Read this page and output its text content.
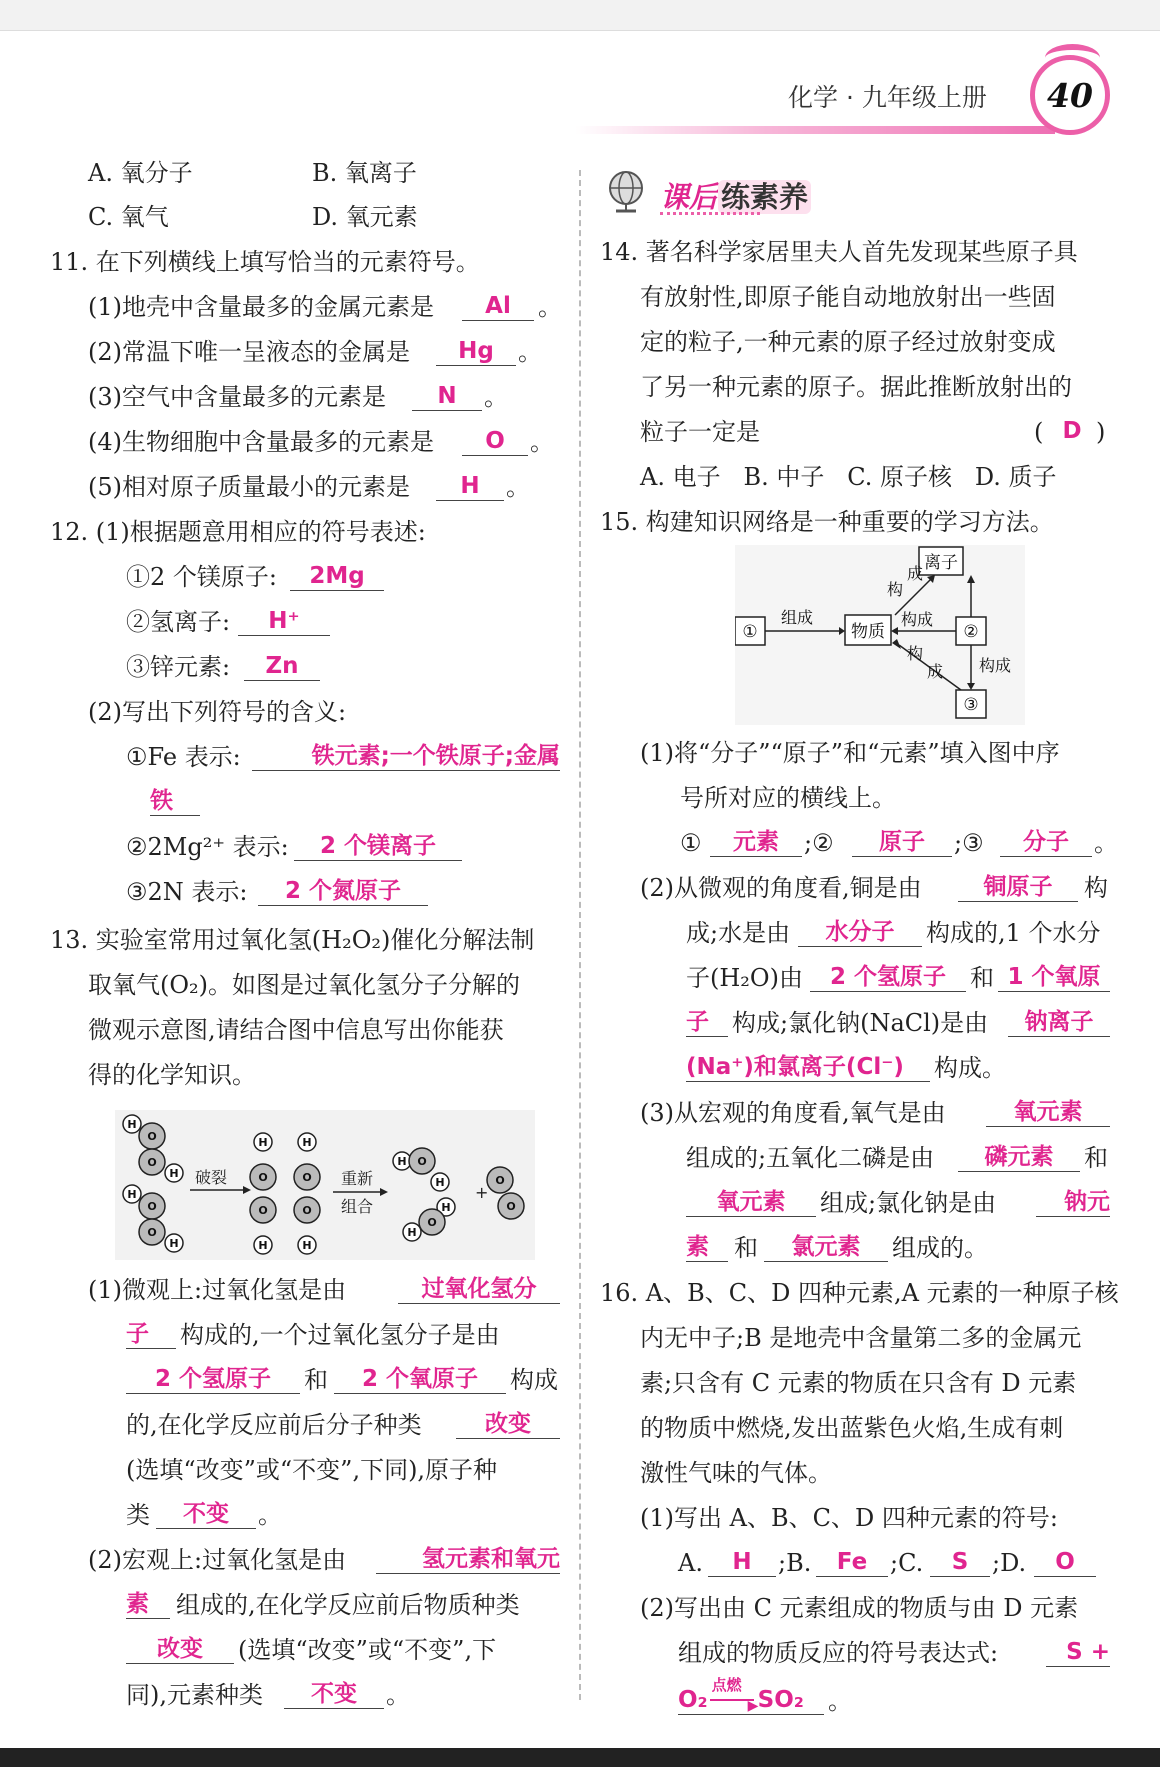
化学 · 九年级上册 40
A. 氧分子	B. 氧离子
C. 氧气	D. 氧元素
11. 在下列横线上填写恰当的元素符号。
(1)地壳中含量最多的金属元素是	Al	。
(2)常温下唯一呈液态的金属是	Hg	。
(3)空气中含量最多的元素是	N	。
(4)生物细胞中含量最多的元素是	O	。
(5)相对原子质量最小的元素是	H	。
12. (1)根据题意用相应的符号表述:
①2 个镁原子:	2Mg
②氢离子:	H⁺
③锌元素:	Zn
(2)写出下列符号的含义:
①Fe 表示:	铁元素;一个铁原子;金属
铁
②2Mg²⁺ 表示:	2 个镁离子
③2N 表示:	2 个氮原子
13. 实验室常用过氧化氢(H₂O₂)催化分解法制
取氧气(O₂)。如图是过氧化氢分子分解的
微观示意图,请结合图中信息写出你能获
得的化学知识。
H
O
O
H
H
O
O
H
H	H
O	O
O	O
H	H
H O
H
H
O
H
O
O
+
破裂	重新
组合
(1)微观上:过氧化氢是由	过氧化氢分
子	构成的,一个过氧化氢分子是由
2 个氢原子	和	2 个氧原子	构成
的,在化学反应前后分子种类	改变
(选填“改变”或“不变”,下同),原子种
类	不变	。
(2)宏观上:过氧化氢是由	氢元素和氧元
素	组成的,在化学反应前后物质种类
改变	(选填“改变”或“不变”,下
同),元素种类	不变	。
课后 练素养
14. 著名科学家居里夫人首先发现某些原子具
有放射性,即原子能自动地放射出一些固
定的粒子,一种元素的原子经过放射变成
了另一种元素的原子。据此推断放射出的
粒子一定是	( D )
A. 电子   B. 中子   C. 原子核   D. 质子
15. 构建知识网络是一种重要的学习方法。
离子
①	物质	②
③
组成
构
成
构成
构
成 构成
(1)将“分子”“原子”和“元素”填入图中序
号所对应的横线上。
①	元素	;②	原子	;③	分子	。
(2)从微观的角度看,铜是由	铜原子	构
成;水是由	水分子	构成的,1 个水分
子(H₂O)由	2 个氢原子	和 1 个氧原
子 构成;氯化钠(NaCl)是由	钠离子
(Na⁺)和氯离子(Cl⁻)	构成。
(3)从宏观的角度看,氧气是由	氧元素
组成的;五氧化二磷是由	磷元素	和
氧元素	组成;氯化钠是由	钠元
素	和	氯元素	组成的。
16. A、B、C、D 四种元素,A 元素的一种原子核
内无中子;B 是地壳中含量第二多的金属元
素;只含有 C 元素的物质在只含有 D 元素
的物质中燃烧,发出蓝紫色火焰,生成有刺
激性气味的气体。
(1)写出 A、B、C、D 四种元素的符号:
A.	H	;B.	Fe ;C.	S ;D.	O
(2)写出由 C 元素组成的物质与由 D 元素
组成的物质反应的符号表达式:	S +
O₂
点燃
▶ SO₂	。
